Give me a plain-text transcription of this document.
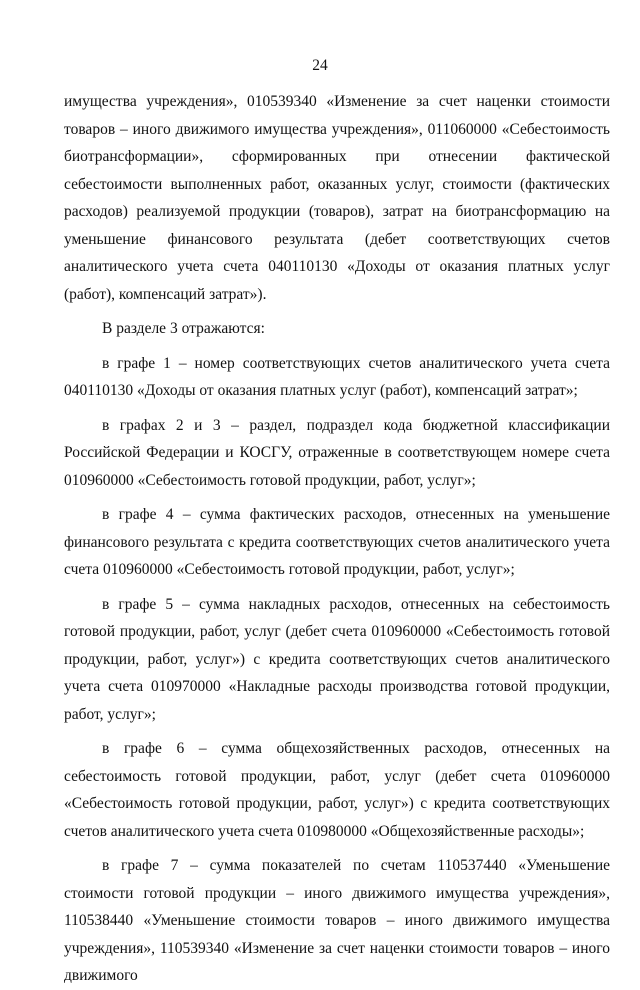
24

имущества учреждения», 010539340 «Изменение за счет наценки стоимости товаров – иного движимого имущества учреждения», 011060000 «Себестоимость биотрансформации», сформированных при отнесении фактической себестоимости выполненных работ, оказанных услуг, стоимости (фактических расходов) реализуемой продукции (товаров), затрат на биотрансформацию на уменьшение финансового результата (дебет соответствующих счетов аналитического учета счета 040110130 «Доходы от оказания платных услуг (работ), компенсаций затрат»).

В разделе 3 отражаются:

в графе 1 – номер соответствующих счетов аналитического учета счета 040110130 «Доходы от оказания платных услуг (работ), компенсаций затрат»;

в графах 2 и 3 – раздел, подраздел кода бюджетной классификации Российской Федерации и КОСГУ, отраженные в соответствующем номере счета 010960000 «Себестоимость готовой продукции, работ, услуг»;

в графе 4 – сумма фактических расходов, отнесенных на уменьшение финансового результата с кредита соответствующих счетов аналитического учета счета 010960000 «Себестоимость готовой продукции, работ, услуг»;

в графе 5 – сумма накладных расходов, отнесенных на себестоимость готовой продукции, работ, услуг (дебет счета 010960000 «Себестоимость готовой продукции, работ, услуг») с кредита соответствующих счетов аналитического учета счета 010970000 «Накладные расходы производства готовой продукции, работ, услуг»;

в графе 6 – сумма общехозяйственных расходов, отнесенных на себестоимость готовой продукции, работ, услуг (дебет счета 010960000 «Себестоимость готовой продукции, работ, услуг») с кредита соответствующих счетов аналитического учета счета 010980000 «Общехозяйственные расходы»;

в графе 7 – сумма показателей по счетам 110537440 «Уменьшение стоимости готовой продукции – иного движимого имущества учреждения», 110538440 «Уменьшение стоимости товаров – иного движимого имущества учреждения», 110539340 «Изменение за счет наценки стоимости товаров – иного движимого
